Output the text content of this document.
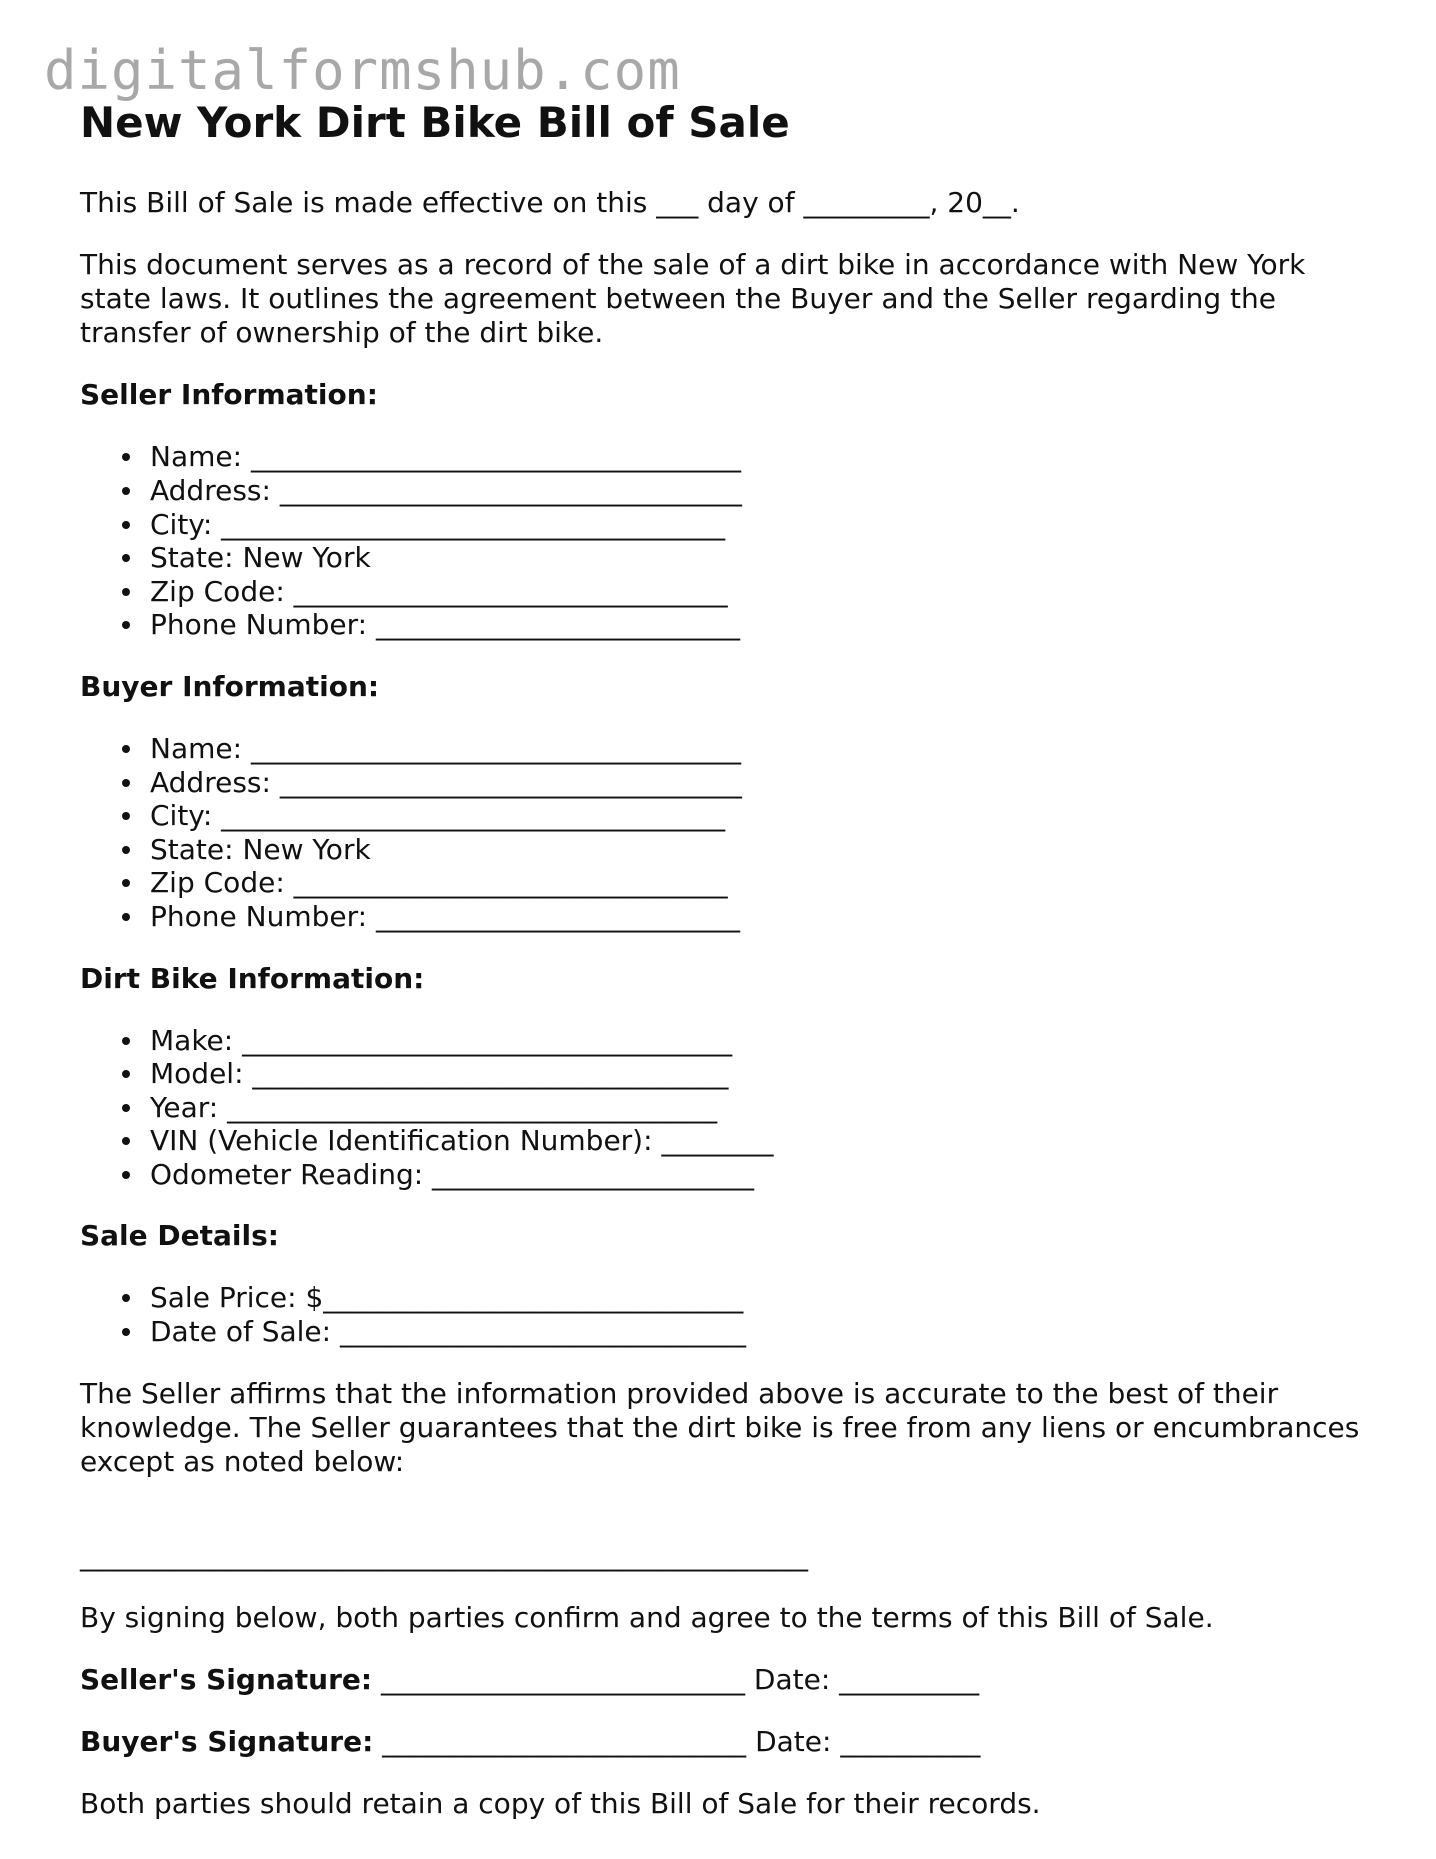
digitalformshub.com
New York Dirt Bike Bill of Sale

This Bill of Sale is made effective on this ___ day of _________, 20__.

This document serves as a record of the sale of a dirt bike in accordance with New York state laws. It outlines the agreement between the Buyer and the Seller regarding the transfer of ownership of the dirt bike.

Seller Information:
Name: ___________________________________
Address: _________________________________
City: ____________________________________
State: New York
Zip Code: _______________________________
Phone Number: __________________________
Buyer Information:
Name: ___________________________________
Address: _________________________________
City: ____________________________________
State: New York
Zip Code: _______________________________
Phone Number: __________________________
Dirt Bike Information:
Make: ___________________________________
Model: __________________________________
Year: ___________________________________
VIN (Vehicle Identification Number): ________
Odometer Reading: _______________________
Sale Details:
Sale Price: $______________________________
Date of Sale: _____________________________

The Seller affirms that the information provided above is accurate to the best of their knowledge. The Seller guarantees that the dirt bike is free from any liens or encumbrances except as noted below:

____________________________________________________

By signing below, both parties confirm and agree to the terms of this Bill of Sale.

Seller's Signature: __________________________ Date: __________
Buyer's Signature: __________________________ Date: __________

Both parties should retain a copy of this Bill of Sale for their records.
